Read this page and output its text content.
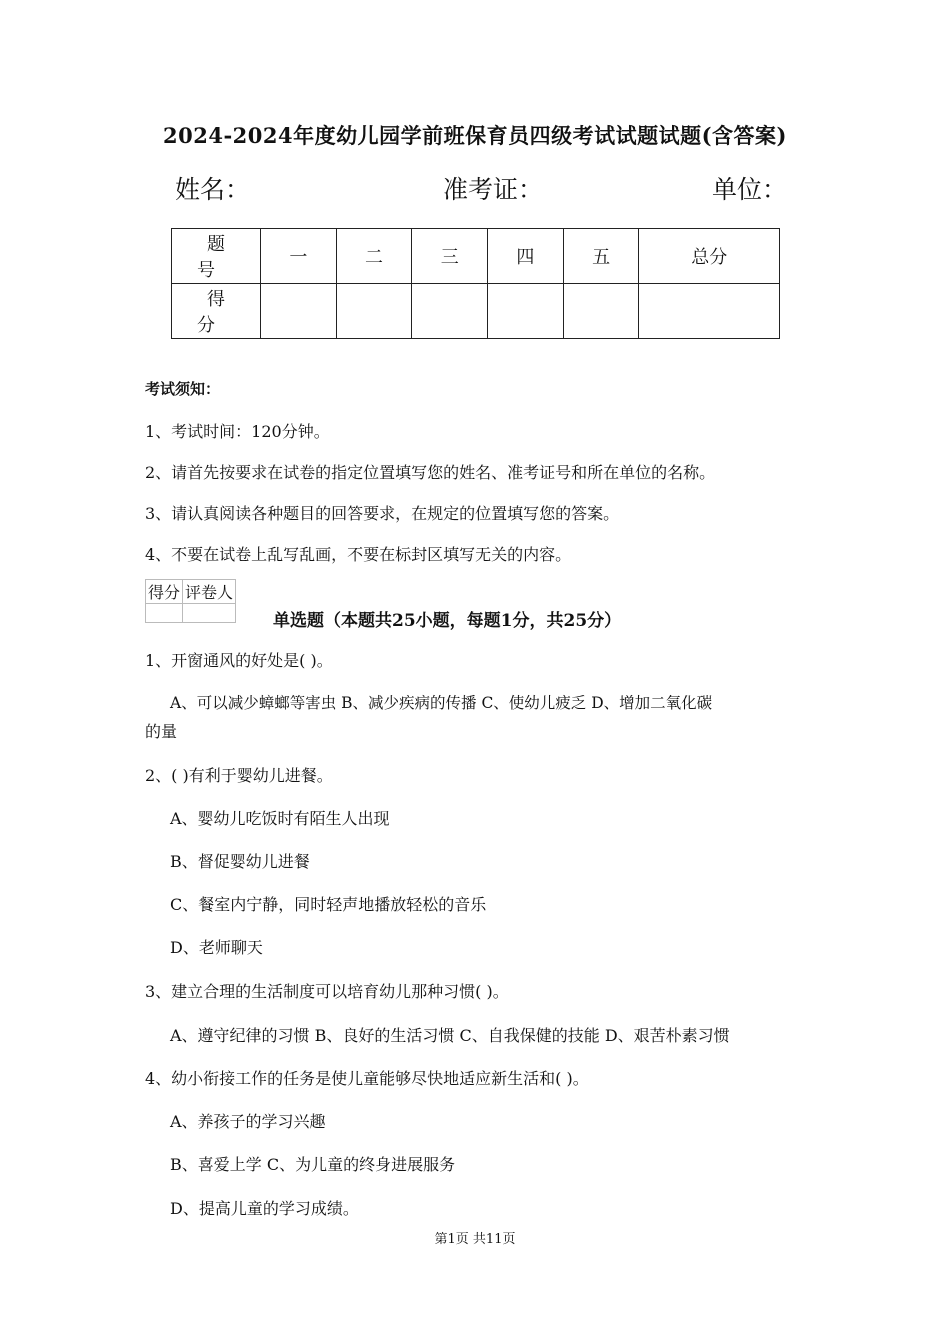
2024-2024年度幼儿园学前班保育员四级考试试题试题(含答案)
姓名：	准考证：	单位：
题 号	一	二	三	四	五	总分
得 分						
考试须知：
1、考试时间：120分钟。
2、请首先按要求在试卷的指定位置填写您的姓名、准考证号和所在单位的名称。
3、请认真阅读各种题目的回答要求，在规定的位置填写您的答案。
4、不要在试卷上乱写乱画，不要在标封区填写无关的内容。
得分	评卷人

单选题（本题共25小题，每题1分，共25分）
1、开窗通风的好处是( )。
A、可以减少蟑螂等害虫 B、减少疾病的传播 C、使幼儿疲乏 D、增加二氧化碳
的量
2、( )有利于婴幼儿进餐。
A、婴幼儿吃饭时有陌生人出现
B、督促婴幼儿进餐
C、餐室内宁静，同时轻声地播放轻松的音乐
D、老师聊天
3、建立合理的生活制度可以培育幼儿那种习惯( )。
A、遵守纪律的习惯 B、良好的生活习惯 C、自我保健的技能 D、艰苦朴素习惯
4、幼小衔接工作的任务是使儿童能够尽快地适应新生活和( )。
A、养孩子的学习兴趣
B、喜爱上学 C、为儿童的终身进展服务
D、提高儿童的学习成绩。
第1页 共11页
